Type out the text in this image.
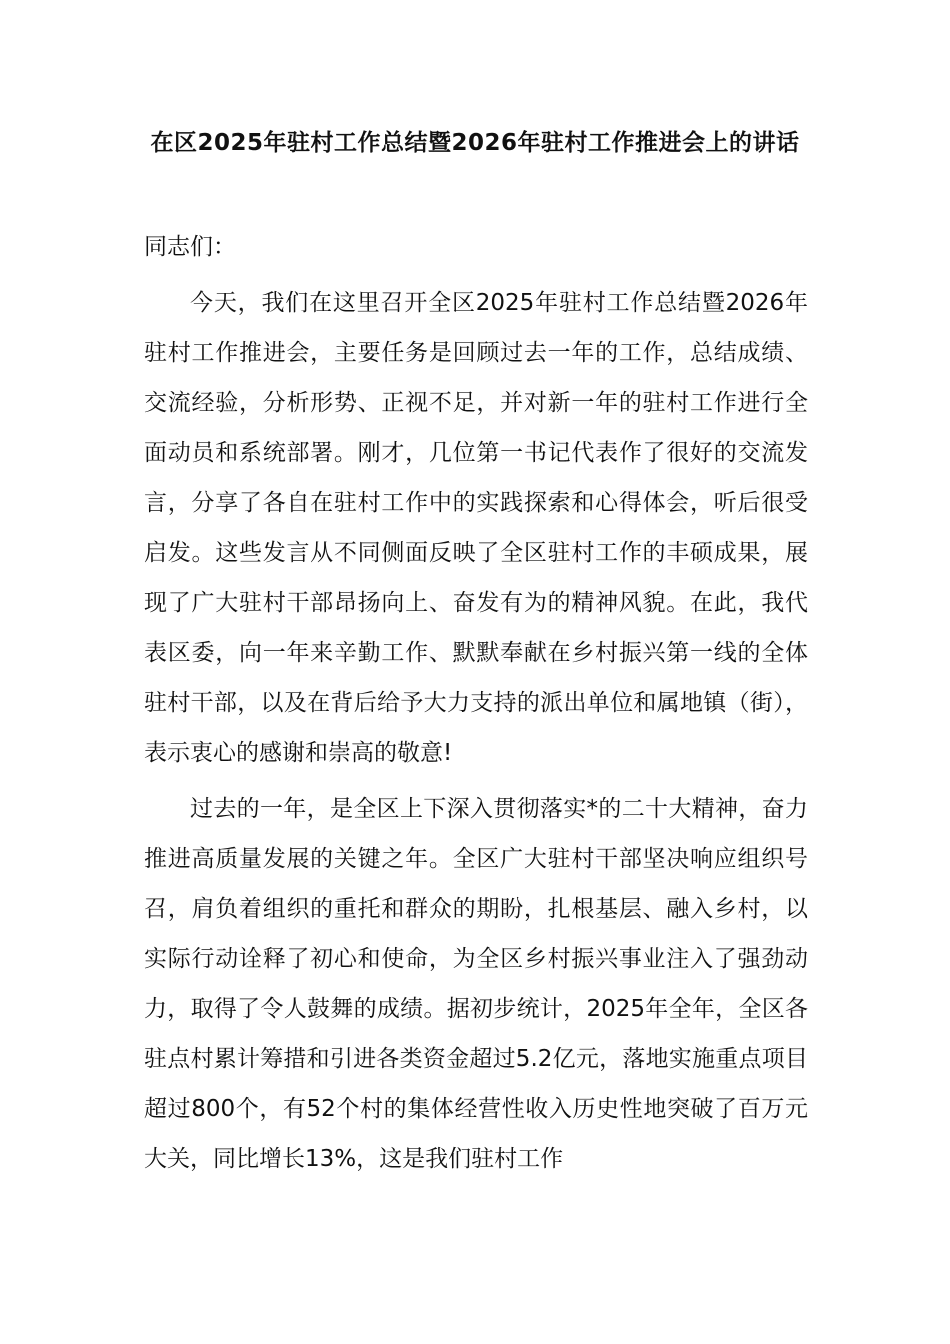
在区2025年驻村工作总结暨2026年驻村工作推进会上的讲话

同志们：

今天，我们在这里召开全区2025年驻村工作总结暨2026年驻村工作推进会，主要任务是回顾过去一年的工作，总结成绩、交流经验，分析形势、正视不足，并对新一年的驻村工作进行全面动员和系统部署。刚才，几位第一书记代表作了很好的交流发言，分享了各自在驻村工作中的实践探索和心得体会，听后很受启发。这些发言从不同侧面反映了全区驻村工作的丰硕成果，展现了广大驻村干部昂扬向上、奋发有为的精神风貌。在此，我代表区委，向一年来辛勤工作、默默奉献在乡村振兴第一线的全体驻村干部，以及在背后给予大力支持的派出单位和属地镇（街），表示衷心的感谢和崇高的敬意!

过去的一年，是全区上下深入贯彻落实*的二十大精神，奋力推进高质量发展的关键之年。全区广大驻村干部坚决响应组织号召，肩负着组织的重托和群众的期盼，扎根基层、融入乡村，以实际行动诠释了初心和使命，为全区乡村振兴事业注入了强劲动力，取得了令人鼓舞的成绩。据初步统计，2025年全年，全区各驻点村累计筹措和引进各类资金超过5.2亿元，落地实施重点项目超过800个，有52个村的集体经营性收入历史性地突破了百万元大关，同比增长13%，这是我们驻村工作
